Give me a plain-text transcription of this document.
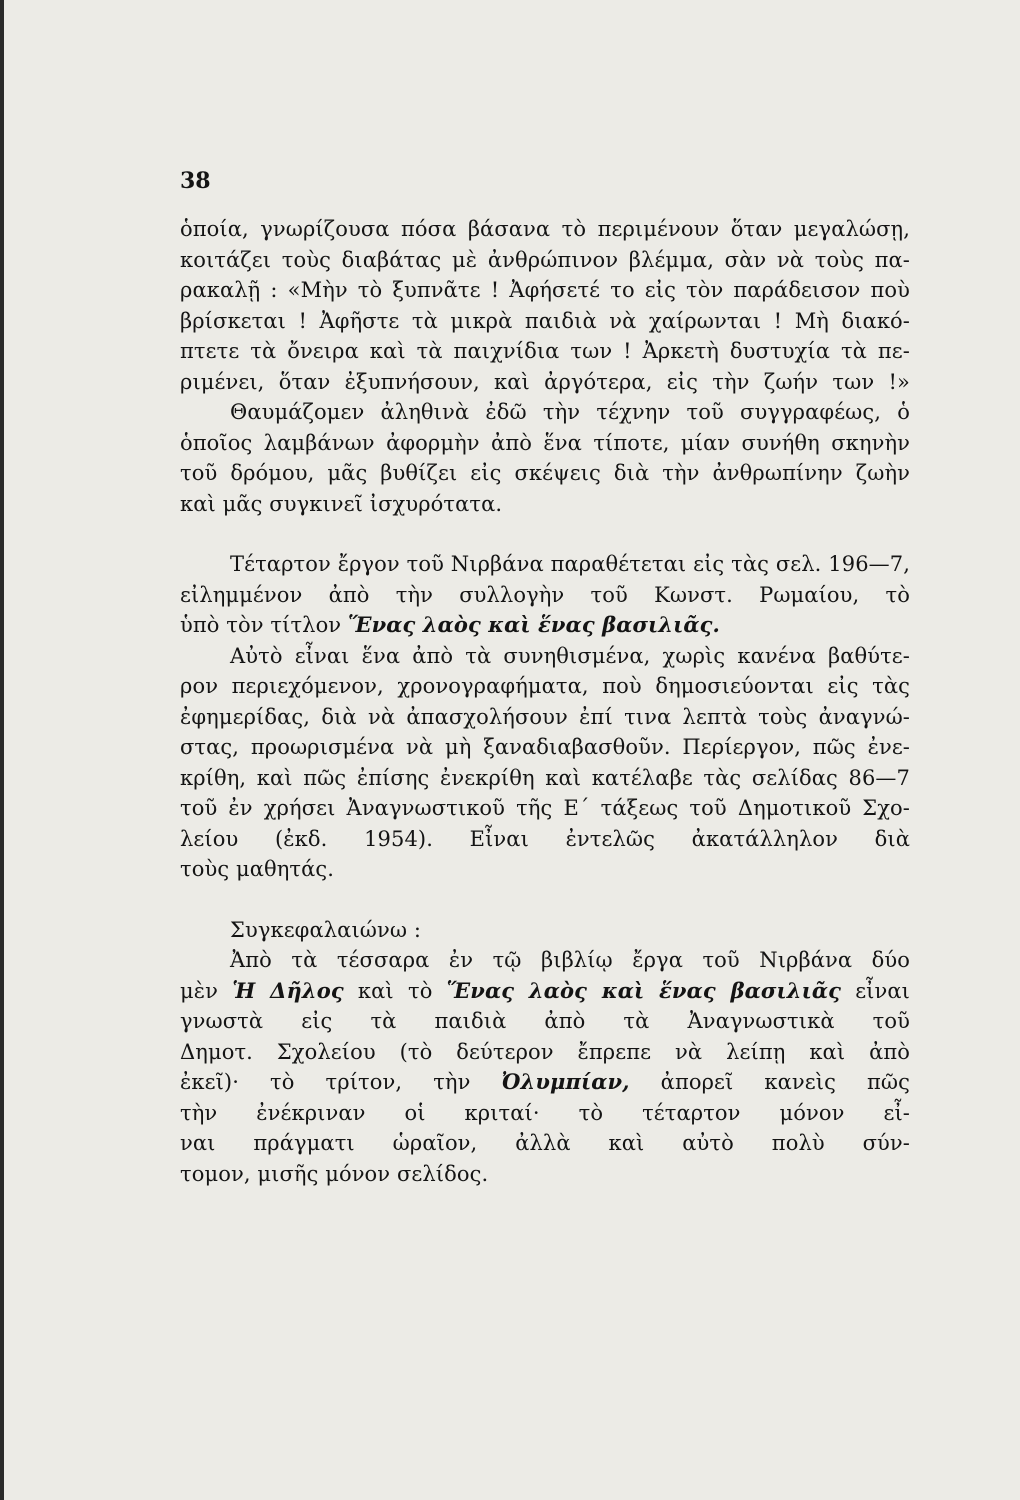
38

ὁποία, γνωρίζουσα πόσα βάσανα τὸ περιμένουν ὅταν μεγαλώσῃ,
κοιτάζει τοὺς διαβάτας μὲ ἀνθρώπινον βλέμμα, σὰν νὰ τοὺς πα-
ρακαλῇ : «Μὴν τὸ ξυπνᾶτε ! Ἀφήσετέ το εἰς τὸν παράδεισον ποὺ
βρίσκεται ! Ἀφῆστε τὰ μικρὰ παιδιὰ νὰ χαίρωνται ! Μὴ διακό-
πτετε τὰ ὄνειρα καὶ τὰ παιχνίδια των ! Ἀρκετὴ δυστυχία τὰ πε-
ριμένει, ὅταν ἐξυπνήσουν, καὶ ἀργότερα, εἰς τὴν ζωήν των !»
Θαυμάζομεν ἀληθινὰ ἐδῶ τὴν τέχνην τοῦ συγγραφέως, ὁ
ὁποῖος λαμβάνων ἀφορμὴν ἀπὸ ἕνα τίποτε, μίαν συνήθη σκηνὴν
τοῦ δρόμου, μᾶς βυθίζει εἰς σκέψεις διὰ τὴν ἀνθρωπίνην ζωὴν
καὶ μᾶς συγκινεῖ ἰσχυρότατα.
Τέταρτον ἔργον τοῦ Νιρβάνα παραθέτεται εἰς τὰς σελ. 196—7,
εἰλημμένον ἀπὸ τὴν συλλογὴν τοῦ Κωνστ. Ρωμαίου, τὸ
ὑπὸ τὸν τίτλον Ἕνας λαὸς καὶ ἕνας βασιλιᾶς.
Αὐτὸ εἶναι ἕνα ἀπὸ τὰ συνηθισμένα, χωρὶς κανένα βαθύτε-
ρον περιεχόμενον, χρονογραφήματα, ποὺ δημοσιεύονται εἰς τὰς
ἐφημερίδας, διὰ νὰ ἀπασχολήσουν ἐπί τινα λεπτὰ τοὺς ἀναγνώ-
στας, προωρισμένα νὰ μὴ ξαναδιαβασθοῦν. Περίεργον, πῶς ἐνε-
κρίθη, καὶ πῶς ἐπίσης ἐνεκρίθη καὶ κατέλαβε τὰς σελίδας 86—7
τοῦ ἐν χρήσει Ἀναγνωστικοῦ τῆς Ε΄ τάξεως τοῦ Δημοτικοῦ Σχο-
λείου (ἐκδ. 1954). Εἶναι ἐντελῶς ἀκατάλληλον διὰ
τοὺς μαθητάς.
Συγκεφαλαιώνω :
Ἀπὸ τὰ τέσσαρα ἐν τῷ βιβλίῳ ἔργα τοῦ Νιρβάνα δύο
μὲν Ἡ Δῆλος καὶ τὸ Ἕνας λαὸς καὶ ἕνας βασιλιᾶς εἶναι
γνωστὰ εἰς τὰ παιδιὰ ἀπὸ τὰ Ἀναγνωστικὰ τοῦ
Δημοτ. Σχολείου (τὸ δεύτερον ἔπρεπε νὰ λείπῃ καὶ ἀπὸ
ἐκεῖ)· τὸ τρίτον, τὴν Ὀλυμπίαν, ἀπορεῖ κανεὶς πῶς
τὴν ἐνέκριναν οἱ κριταί· τὸ τέταρτον μόνον εἶ-
ναι πράγματι ὡραῖον, ἀλλὰ καὶ αὐτὸ πολὺ σύν-
τομον, μισῆς μόνον σελίδος.
